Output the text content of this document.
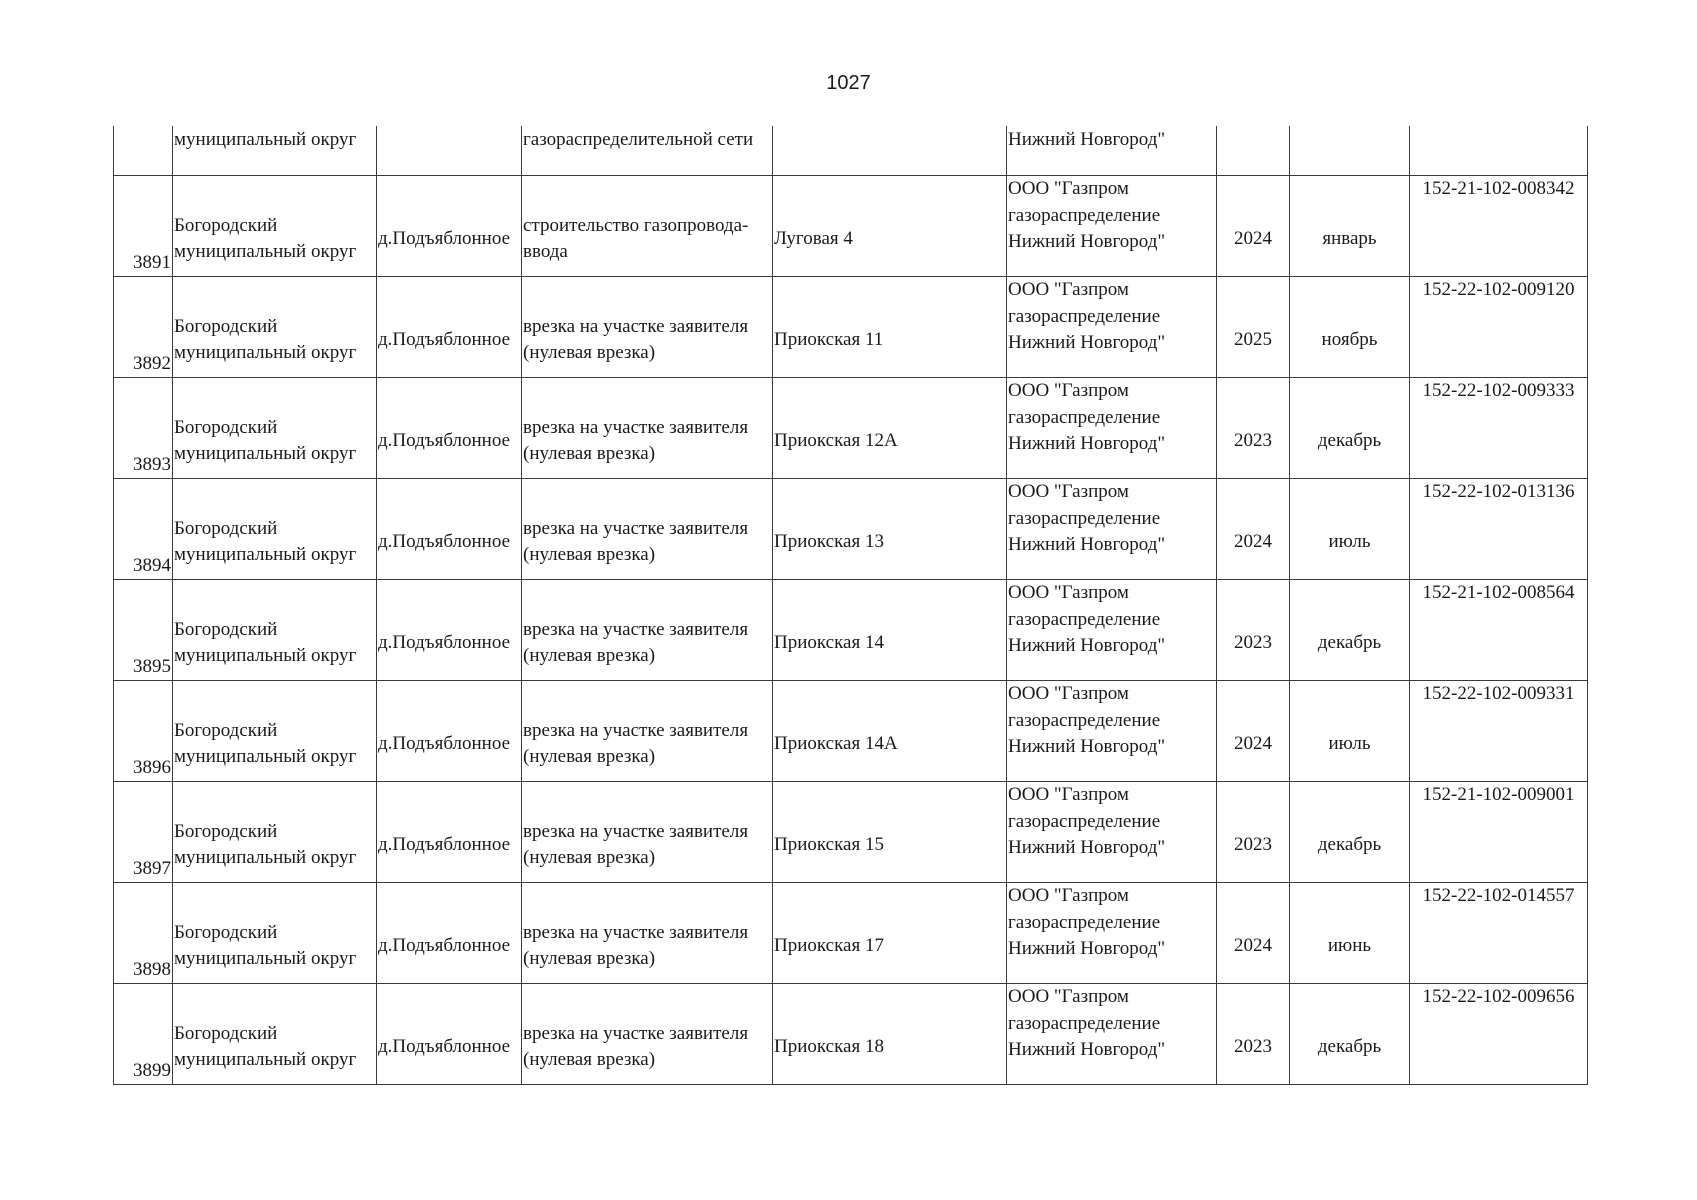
1027
	муниципальный округ		газораспределительной сети		Нижний Новгород"			
3891	Богородский
муниципальный округ	д.Подъяблонное	строительство газопровода-
ввода	Луговая 4	ООО "Газпром
газораспределение
Нижний Новгород"	2024	январь	152-21-102-008342
3892	Богородский
муниципальный округ	д.Подъяблонное	врезка на участке заявителя
(нулевая врезка)	Приокская 11	ООО "Газпром
газораспределение
Нижний Новгород"	2025	ноябрь	152-22-102-009120
3893	Богородский
муниципальный округ	д.Подъяблонное	врезка на участке заявителя
(нулевая врезка)	Приокская 12А	ООО "Газпром
газораспределение
Нижний Новгород"	2023	декабрь	152-22-102-009333
3894	Богородский
муниципальный округ	д.Подъяблонное	врезка на участке заявителя
(нулевая врезка)	Приокская 13	ООО "Газпром
газораспределение
Нижний Новгород"	2024	июль	152-22-102-013136
3895	Богородский
муниципальный округ	д.Подъяблонное	врезка на участке заявителя
(нулевая врезка)	Приокская 14	ООО "Газпром
газораспределение
Нижний Новгород"	2023	декабрь	152-21-102-008564
3896	Богородский
муниципальный округ	д.Подъяблонное	врезка на участке заявителя
(нулевая врезка)	Приокская 14А	ООО "Газпром
газораспределение
Нижний Новгород"	2024	июль	152-22-102-009331
3897	Богородский
муниципальный округ	д.Подъяблонное	врезка на участке заявителя
(нулевая врезка)	Приокская 15	ООО "Газпром
газораспределение
Нижний Новгород"	2023	декабрь	152-21-102-009001
3898	Богородский
муниципальный округ	д.Подъяблонное	врезка на участке заявителя
(нулевая врезка)	Приокская 17	ООО "Газпром
газораспределение
Нижний Новгород"	2024	июнь	152-22-102-014557
3899	Богородский
муниципальный округ	д.Подъяблонное	врезка на участке заявителя
(нулевая врезка)	Приокская 18	ООО "Газпром
газораспределение
Нижний Новгород"	2023	декабрь	152-22-102-009656
